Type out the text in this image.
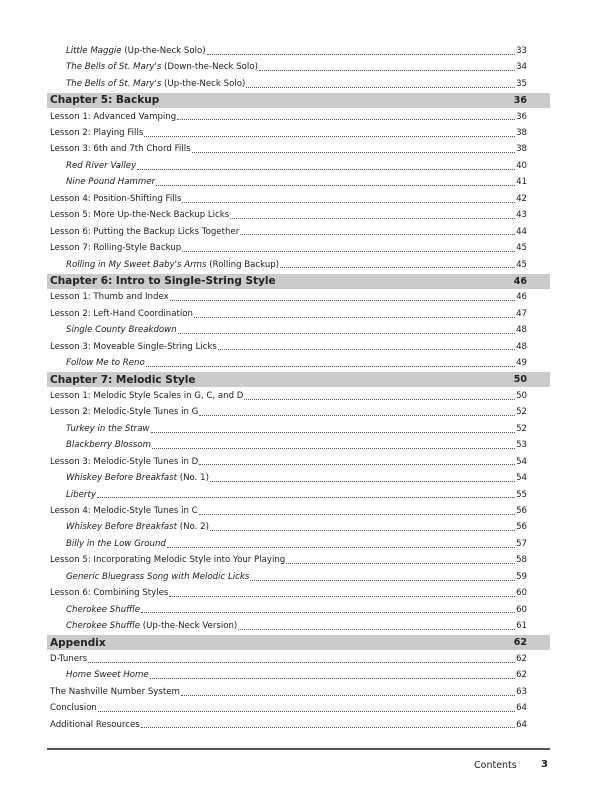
Little Maggie (Up-the-Neck Solo)	33
The Bells of St. Mary's (Down-the-Neck Solo)	34
The Bells of St. Mary's (Up-the-Neck Solo)	35
Chapter 5: Backup	36
Lesson 1: Advanced Vamping	36
Lesson 2: Playing Fills	38
Lesson 3: 6th and 7th Chord Fills	38
Red River Valley	40
Nine Pound Hammer	41
Lesson 4: Position-Shifting Fills	42
Lesson 5: More Up-the-Neck Backup Licks	43
Lesson 6: Putting the Backup Licks Together	44
Lesson 7: Rolling-Style Backup	45
Rolling in My Sweet Baby's Arms (Rolling Backup)	45
Chapter 6: Intro to Single-String Style	46
Lesson 1: Thumb and Index	46
Lesson 2: Left-Hand Coordination	47
Single County Breakdown	48
Lesson 3: Moveable Single-String Licks	48
Follow Me to Reno	49
Chapter 7: Melodic Style	50
Lesson 1: Melodic Style Scales in G, C, and D	50
Lesson 2: Melodic-Style Tunes in G	52
Turkey in the Straw	52
Blackberry Blossom	53
Lesson 3: Melodic-Style Tunes in D	54
Whiskey Before Breakfast (No. 1)	54
Liberty	55
Lesson 4: Melodic-Style Tunes in C	56
Whiskey Before Breakfast (No. 2)	56
Billy in the Low Ground	57
Lesson 5: Incorporating Melodic Style into Your Playing	58
Generic Bluegrass Song with Melodic Licks	59
Lesson 6: Combining Styles	60
Cherokee Shuffle	60
Cherokee Shuffle (Up-the-Neck Version)	61
Appendix	62
D-Tuners	62
Home Sweet Home	62
The Nashville Number System	63
Conclusion	64
Additional Resources	64
Contents 3
